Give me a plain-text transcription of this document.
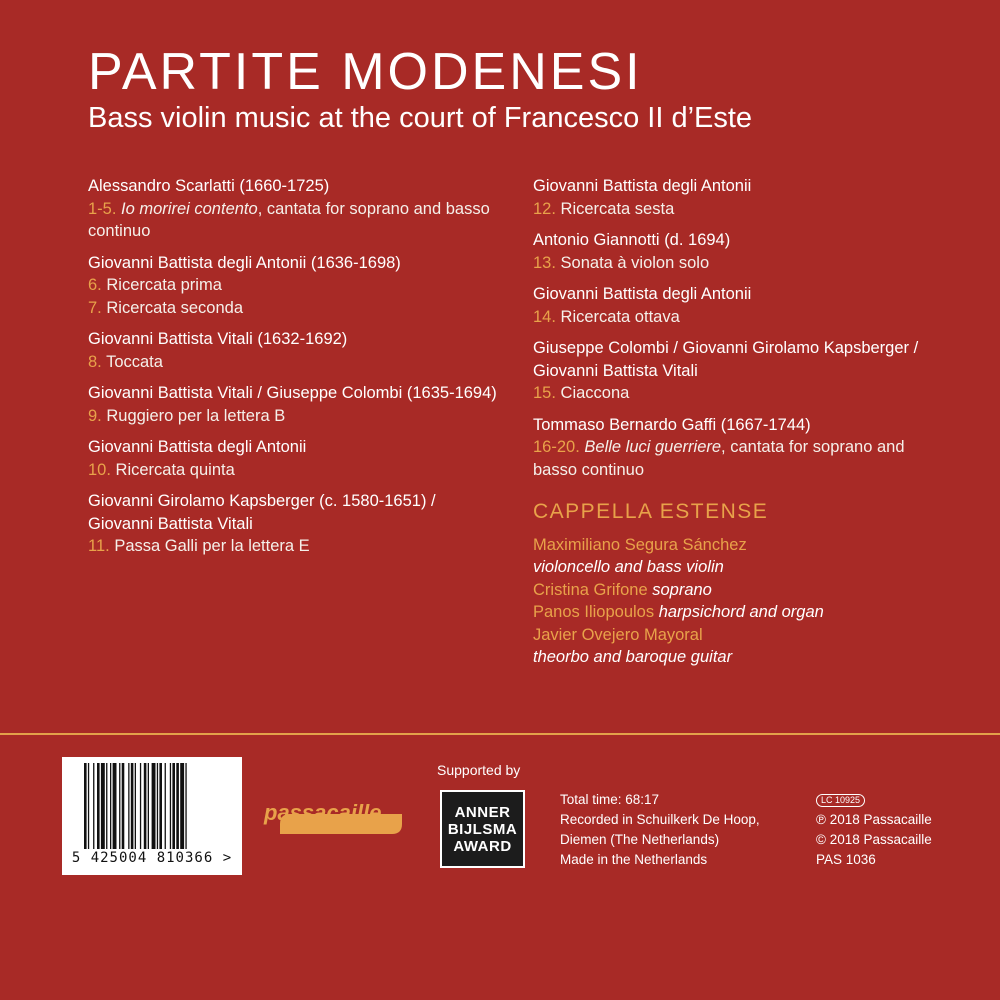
PARTITE MODENESI
Bass violin music at the court of Francesco II d’Este
Alessandro Scarlatti (1660-1725)
1-5. Io morirei contento, cantata for soprano and basso continuo
Giovanni Battista degli Antonii (1636-1698)
6. Ricercata prima
7. Ricercata seconda
Giovanni Battista Vitali (1632-1692)
8. Toccata
Giovanni Battista Vitali / Giuseppe Colombi (1635-1694)
9. Ruggiero per la lettera B
Giovanni Battista degli Antonii
10. Ricercata quinta
Giovanni Girolamo Kapsberger (c. 1580-1651) /
Giovanni Battista Vitali
11. Passa Galli per la lettera E
Giovanni Battista degli Antonii
12. Ricercata sesta
Antonio Giannotti (d. 1694)
13. Sonata à violon solo
Giovanni Battista degli Antonii
14. Ricercata ottava
Giuseppe Colombi / Giovanni Girolamo Kapsberger / Giovanni Battista Vitali
15. Ciaccona
Tommaso Bernardo Gaffi (1667-1744)
16-20. Belle luci guerriere, cantata for soprano and basso continuo
CAPPELLA ESTENSE
Maximiliano Segura Sánchez
violoncello and bass violin
Cristina Grifone soprano
Panos Iliopoulos harpsichord and organ
Javier Ovejero Mayoral
theorbo and baroque guitar
5 425004 810366 >
passacaille
Supported by
ANNER
BIJLSMA
AWARD
Total time: 68:17
Recorded in Schuilkerk De Hoop,
Diemen (The Netherlands)
Made in the Netherlands
LC 10925
℗ 2018 Passacaille
© 2018 Passacaille
PAS 1036
